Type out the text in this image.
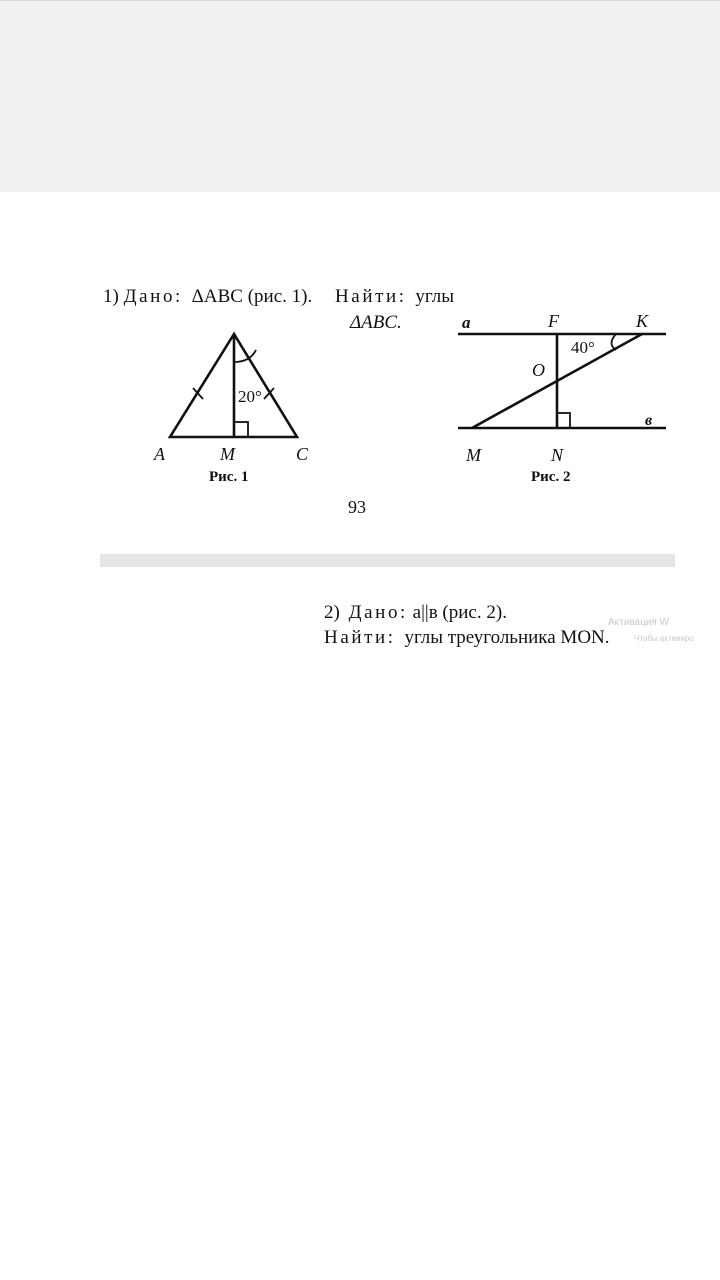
1) Дано: ΔABC (рис. 1). Найти: углы
ΔABC.
20°
A	M	C
Рис. 1
a	F	K
40°
O
в
M	N
Рис. 2
93
2) Дано: a||в (рис. 2).
Найти: углы треугольника MON.
Активация W
Чтобы активиро
